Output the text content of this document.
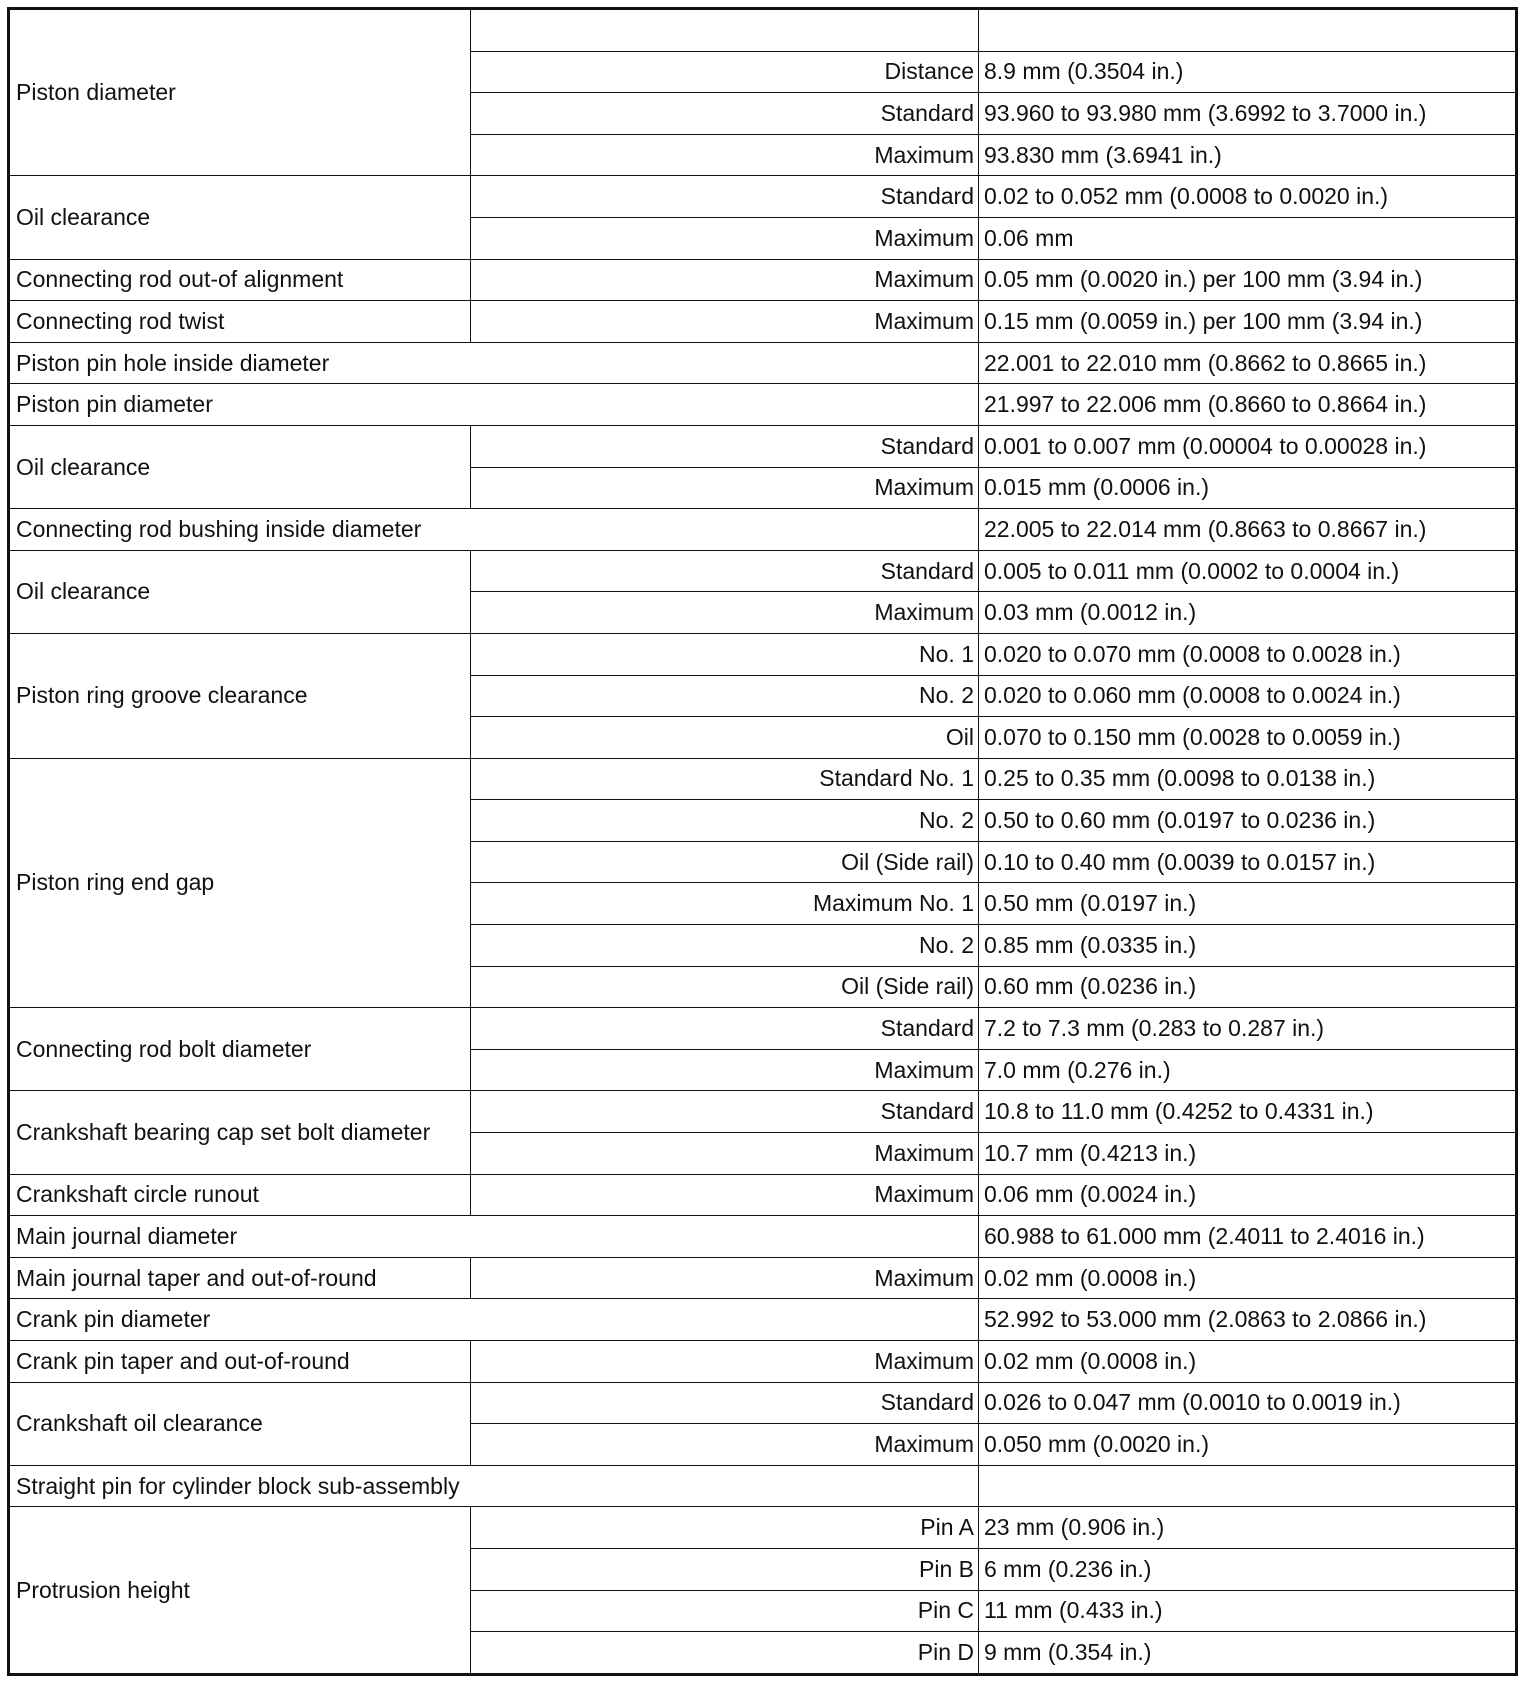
Piston diameter		
	Distance	8.9 mm (0.3504 in.)
	Standard	93.960 to 93.980 mm (3.6992 to 3.7000 in.)
	Maximum	93.830 mm (3.6941 in.)
Oil clearance	Standard	0.02 to 0.052 mm (0.0008 to 0.0020 in.)
	Maximum	0.06 mm
Connecting rod out-of alignment	Maximum	0.05 mm (0.0020 in.) per 100 mm (3.94 in.)
Connecting rod twist	Maximum	0.15 mm (0.0059 in.) per 100 mm (3.94 in.)
Piston pin hole inside diameter		22.001 to 22.010 mm (0.8662 to 0.8665 in.)
Piston pin diameter		21.997 to 22.006 mm (0.8660 to 0.8664 in.)
Oil clearance	Standard	0.001 to 0.007 mm (0.00004 to 0.00028 in.)
	Maximum	0.015 mm (0.0006 in.)
Connecting rod bushing inside diameter		22.005 to 22.014 mm (0.8663 to 0.8667 in.)
Oil clearance	Standard	0.005 to 0.011 mm (0.0002 to 0.0004 in.)
	Maximum	0.03 mm (0.0012 in.)
Piston ring groove clearance	No. 1	0.020 to 0.070 mm (0.0008 to 0.0028 in.)
	No. 2	0.020 to 0.060 mm (0.0008 to 0.0024 in.)
	Oil	0.070 to 0.150 mm (0.0028 to 0.0059 in.)
Piston ring end gap	Standard No. 1	0.25 to 0.35 mm (0.0098 to 0.0138 in.)
	No. 2	0.50 to 0.60 mm (0.0197 to 0.0236 in.)
	Oil (Side rail)	0.10 to 0.40 mm (0.0039 to 0.0157 in.)
	Maximum No. 1	0.50 mm (0.0197 in.)
	No. 2	0.85 mm (0.0335 in.)
	Oil (Side rail)	0.60 mm (0.0236 in.)
Connecting rod bolt diameter	Standard	7.2 to 7.3 mm (0.283 to 0.287 in.)
	Maximum	7.0 mm (0.276 in.)
Crankshaft bearing cap set bolt diameter	Standard	10.8 to 11.0 mm (0.4252 to 0.4331 in.)
	Maximum	10.7 mm (0.4213 in.)
Crankshaft circle runout	Maximum	0.06 mm (0.0024 in.)
Main journal diameter		60.988 to 61.000 mm (2.4011 to 2.4016 in.)
Main journal taper and out-of-round	Maximum	0.02 mm (0.0008 in.)
Crank pin diameter		52.992 to 53.000 mm (2.0863 to 2.0866 in.)
Crank pin taper and out-of-round	Maximum	0.02 mm (0.0008 in.)
Crankshaft oil clearance	Standard	0.026 to 0.047 mm (0.0010 to 0.0019 in.)
	Maximum	0.050 mm (0.0020 in.)
Straight pin for cylinder block sub-assembly		
Protrusion height	Pin A	23 mm (0.906 in.)
	Pin B	6 mm (0.236 in.)
	Pin C	11 mm (0.433 in.)
	Pin D	9 mm (0.354 in.)
